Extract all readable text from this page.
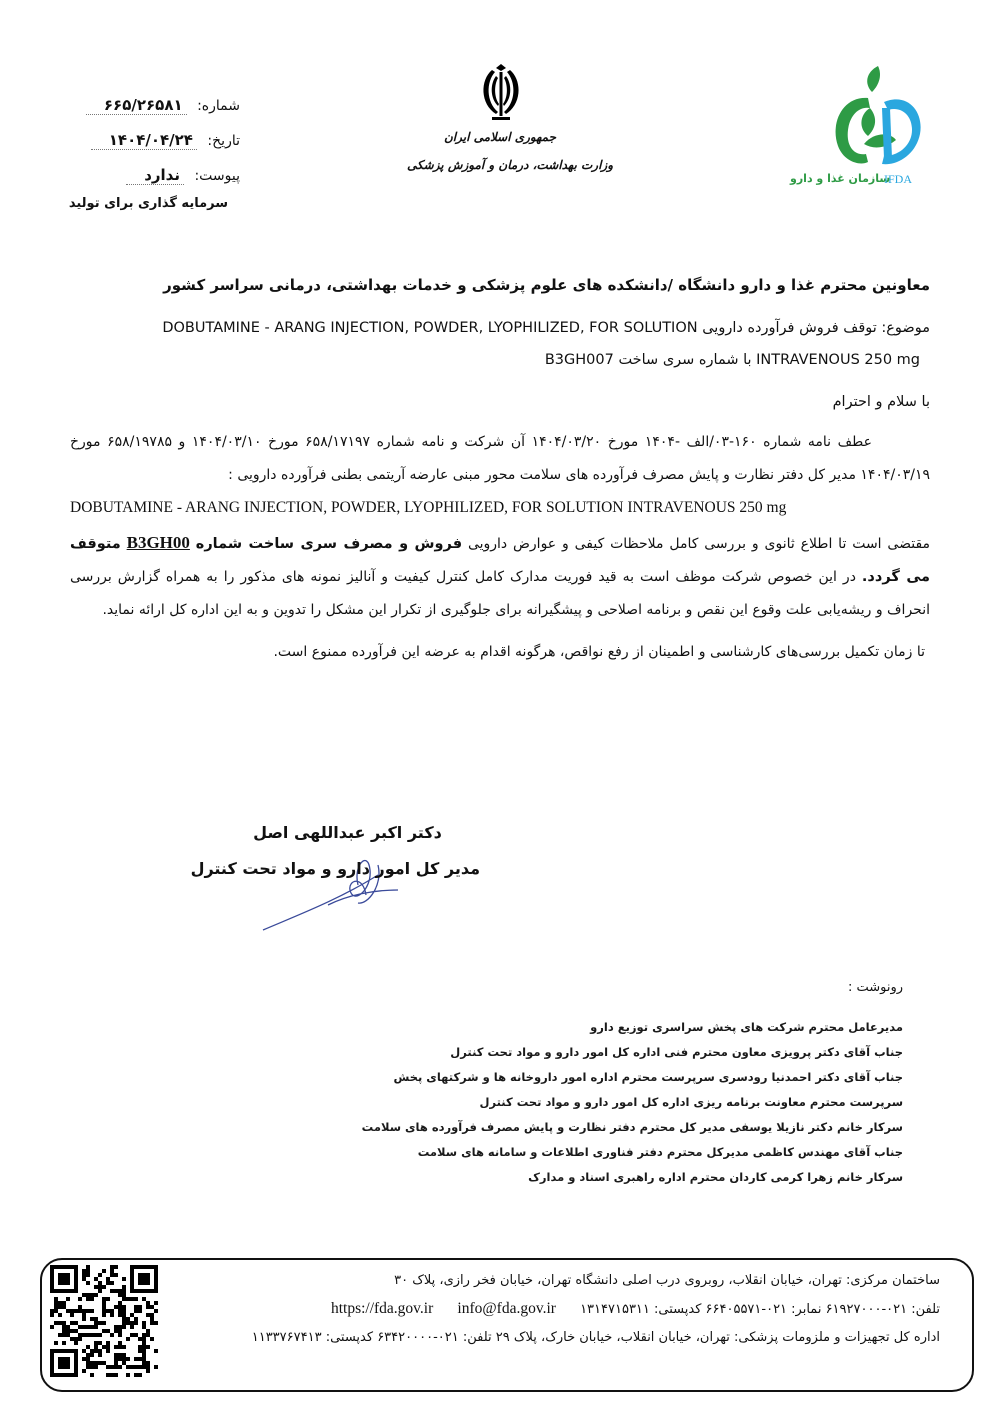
شماره: ۶۶۵/۲۶۵۸۱
تاریخ: ۱۴۰۴/۰۴/۲۴
پیوست: ندارد
سرمایه گذاری برای تولید
جمهوری اسلامی ایران
وزارت بهداشت، درمان و آموزش پزشکی
سازمان غذا و دارو
IFDA
معاونین محترم غذا و دارو دانشگاه /دانشکده های علوم پزشکی و خدمات بهداشتی، درمانی سراسر کشور
موضوع: توقف فروش فرآورده دارویی DOBUTAMINE - ARANG INJECTION, POWDER, LYOPHILIZED, FOR SOLUTION
INTRAVENOUS 250 mg با شماره سری ساخت B3GH007
با سلام و احترام
عطف نامه شماره ۱۶۰-۰۳/الف -۱۴۰۴ مورخ ۱۴۰۴/۰۳/۲۰ آن شرکت و نامه شماره ۶۵۸/۱۷۱۹۷ مورخ ۱۴۰۴/۰۳/۱۰ و ۶۵۸/۱۹۷۸۵ مورخ ۱۴۰۴/۰۳/۱۹ مدیر کل دفتر نظارت و پایش مصرف فرآورده های سلامت محور مبنی عارضه آریتمی بطنی فرآورده دارویی :
DOBUTAMINE - ARANG INJECTION, POWDER, LYOPHILIZED, FOR SOLUTION INTRAVENOUS 250 mg
مقتضی است تا اطلاع ثانوی و بررسی کامل ملاحظات کیفی و عوارض دارویی فروش و مصرف سری ساخت شماره B3GH00 متوقف می گردد. در این خصوص شرکت موظف است به قید فوریت مدارک کامل کنترل کیفیت و آنالیز نمونه های مذکور را به همراه گزارش بررسی انحراف و ریشه‌یابی علت وقوع این نقص و برنامه اصلاحی و پیشگیرانه برای جلوگیری از تکرار این مشکل را تدوین و به این اداره کل ارائه نماید.
تا زمان تکمیل بررسی‌های کارشناسی و اطمینان از رفع نواقص، هرگونه اقدام به عرضه این فرآورده ممنوع است.
دکتر اکبر عبداللهی اصل
مدیر کل امور دارو و مواد تحت کنترل
رونوشت :
مدیرعامل محترم شرکت های پخش سراسری توزیع دارو
جناب آقای دکتر پرویزی معاون محترم فنی اداره کل امور دارو و مواد تحت کنترل
جناب آقای دکتر احمدنیا رودسری سرپرست محترم اداره امور داروخانه ها و شرکتهای پخش
سرپرست محترم معاونت برنامه ریزی اداره کل امور دارو و مواد تحت کنترل
سرکار خانم دکتر نازیلا یوسفی مدیر کل محترم دفتر نظارت و پایش مصرف فرآورده های سلامت
جناب آقای مهندس کاظمی مدیرکل محترم دفتر فناوری اطلاعات و سامانه های سلامت
سرکار خانم زهرا کرمی کاردان محترم اداره راهبری اسناد و مدارک
ساختمان مرکزی: تهران، خیابان انقلاب، روبروی درب اصلی دانشگاه تهران، خیابان فخر رازی، پلاک ۳۰
تلفن: ۰۲۱-۶۱۹۲۷۰۰۰ نمابر: ۰۲۱-۶۶۴۰۵۵۷۱ کدپستی: ۱۳۱۴۷۱۵۳۱۱ info@fda.gov.ir https://fda.gov.ir
اداره کل تجهیزات و ملزومات پزشکی: تهران، خیابان انقلاب، خیابان خارک، پلاک ۲۹ تلفن: ۰۲۱-۶۳۴۲۰۰۰۰ کدپستی: ۱۱۳۳۷۶۷۴۱۳
